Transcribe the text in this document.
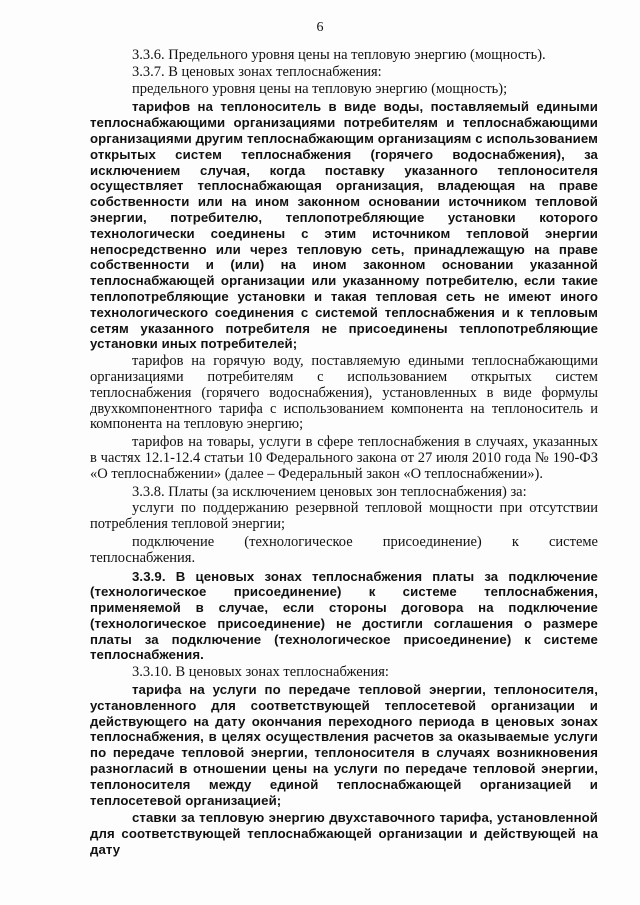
6

3.3.6. Предельного уровня цены на тепловую энергию (мощность).

3.3.7. В ценовых зонах теплоснабжения:

предельного уровня цены на тепловую энергию (мощность);

тарифов на теплоноситель в виде воды, поставляемый едиными теплоснабжающими организациями потребителям и теплоснабжающими организациями другим теплоснабжающим организациям с использованием открытых систем теплоснабжения (горячего водоснабжения), за исключением случая, когда поставку указанного теплоносителя осуществляет теплоснабжающая организация, владеющая на праве собственности или на ином законном основании источником тепловой энергии, потребителю, теплопотребляющие установки которого технологически соединены с этим источником тепловой энергии непосредственно или через тепловую сеть, принадлежащую на праве собственности и (или) на ином законном основании указанной теплоснабжающей организации или указанному потребителю, если такие теплопотребляющие установки и такая тепловая сеть не имеют иного технологического соединения с системой теплоснабжения и к тепловым сетям указанного потребителя не присоединены теплопотребляющие установки иных потребителей;

тарифов на горячую воду, поставляемую едиными теплоснабжающими организациями потребителям с использованием открытых систем теплоснабжения (горячего водоснабжения), установленных в виде формулы двухкомпонентного тарифа с использованием компонента на теплоноситель и компонента на тепловую энергию;

тарифов на товары, услуги в сфере теплоснабжения в случаях, указанных в частях 12.1-12.4 статьи 10 Федерального закона от 27 июля 2010 года № 190-ФЗ «О теплоснабжении» (далее – Федеральный закон «О теплоснабжении»).

3.3.8. Платы (за исключением ценовых зон теплоснабжения) за:

услуги по поддержанию резервной тепловой мощности при отсутствии потребления тепловой энергии;

подключение (технологическое присоединение) к системе теплоснабжения.

3.3.9. В ценовых зонах теплоснабжения платы за подключение (технологическое присоединение) к системе теплоснабжения, применяемой в случае, если стороны договора на подключение (технологическое присоединение) не достигли соглашения о размере платы за подключение (технологическое присоединение) к системе теплоснабжения.

3.3.10. В ценовых зонах теплоснабжения:

тарифа на услуги по передаче тепловой энергии, теплоносителя, установленного для соответствующей теплосетевой организации и действующего на дату окончания переходного периода в ценовых зонах теплоснабжения, в целях осуществления расчетов за оказываемые услуги по передаче тепловой энергии, теплоносителя в случаях возникновения разногласий в отношении цены на услуги по передаче тепловой энергии, теплоносителя между единой теплоснабжающей организацией и теплосетевой организацией;

ставки за тепловую энергию двухставочного тарифа, установленной для соответствующей теплоснабжающей организации и действующей на дату
